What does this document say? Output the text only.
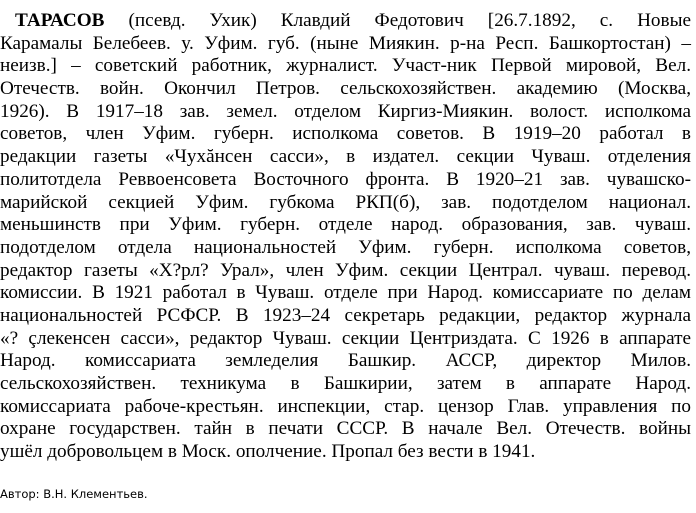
ТАРАСОВ (псевд. Ухик) Клавдий Федотович [26.7.1892, с. Новые
Карамалы Белебеев. у. Уфим. губ. (ныне Миякин. р-на Респ. Башкортостан) –
неизв.] – советский работник, журналист. Участ-ник Первой мировой, Вел.
Отечеств. войн. Окончил Петров. сельскохозяйствен. академию (Москва,
1926). В 1917–18 зав. земел. отделом Киргиз-Миякин. волост. исполкома
советов, член Уфим. губерн. исполкома советов. В 1919–20 работал в
редакции газеты «Чухăнсен сасси», в издател. секции Чуваш. отделения
политотдела Реввоенсовета Восточного фронта. В 1920–21 зав. чувашско-
марийской секцией Уфим. губкома РКП(б), зав. подотделом национал.
меньшинств при Уфим. губерн. отделе народ. образования, зав. чуваш.
подотделом отдела национальностей Уфим. губерн. исполкома советов,
редактор газеты «Х?рл? Урал», член Уфим. секции Централ. чуваш. перевод.
комиссии. В 1921 работал в Чуваш. отделе при Народ. комиссариате по делам
национальностей РСФСР. В 1923–24 секретарь редакции, редактор журнала
«? çлекенсен сасси», редактор Чуваш. секции Центриздата. С 1926 в аппарате
Народ. комиссариата земледелия Башкир. АССР, директор Милов.
сельскохозяйствен. техникума в Башкирии, затем в аппарате Народ.
комиссариата рабоче-крестьян. инспекции, стар. цензор Глав. управления по
охране государствен. тайн в печати СССР. В начале Вел. Отечеств. войны
ушёл добровольцем в Моск. ополчение. Пропал без вести в 1941.
Автор: В.Н. Клементьев.
